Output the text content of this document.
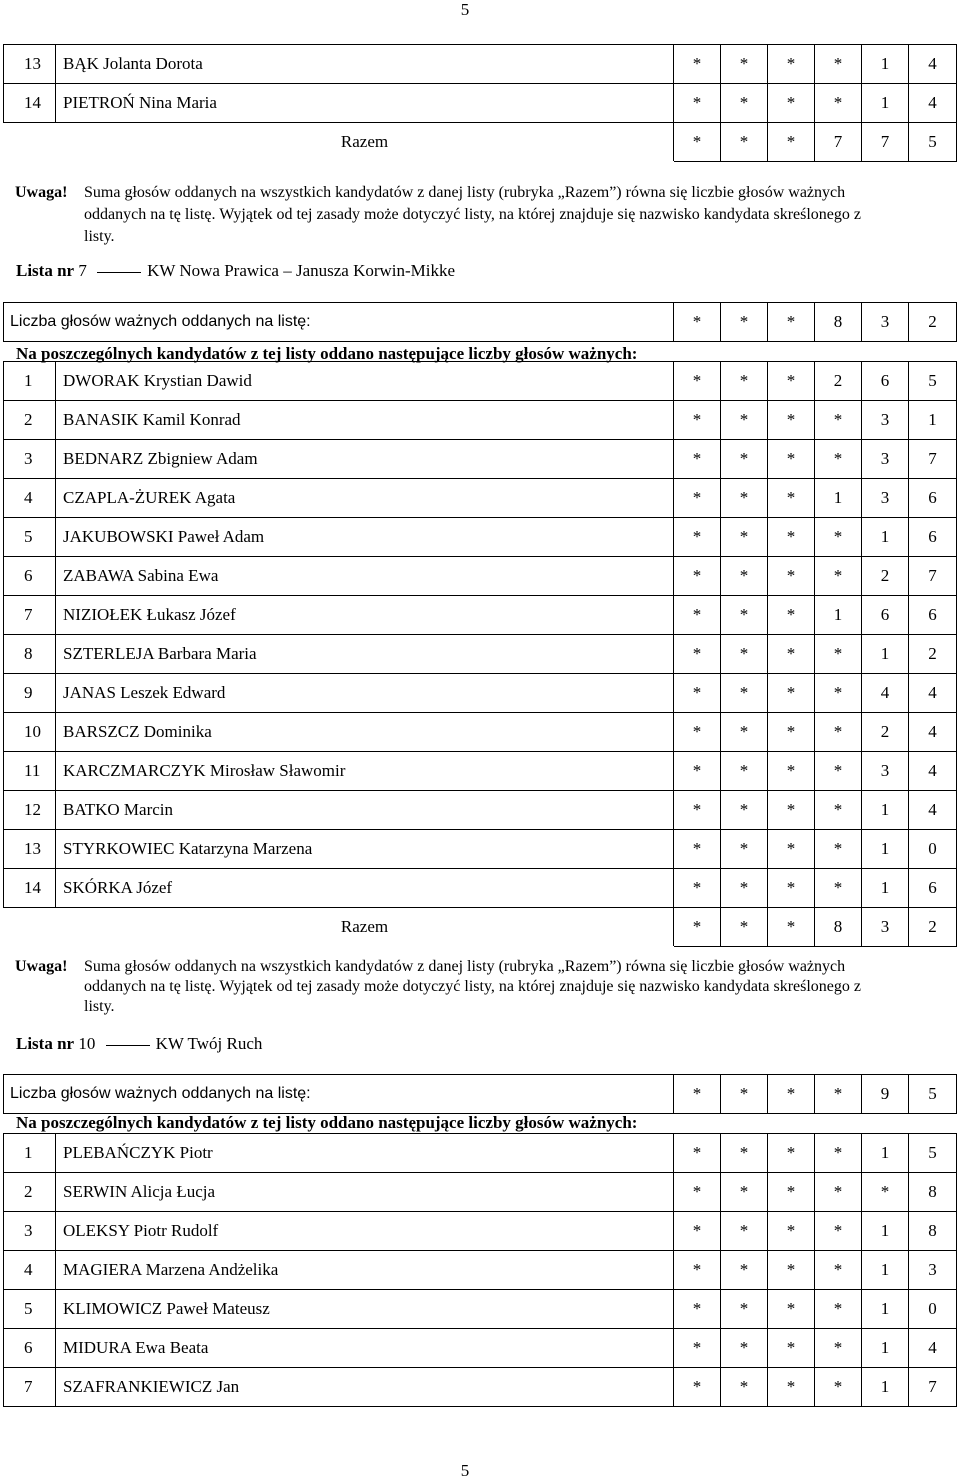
5
13	BĄK Jolanta Dorota	*	*	*	*	1	4
14	PIETROŃ Nina Maria	*	*	*	*	1	4
	Razem	*	*	*	7	7	5
Uwaga! Suma głosów oddanych na wszystkich kandydatów z danej listy (rubryka „Razem”) równa się liczbie głosów ważnych
oddanych na tę listę. Wyjątek od tej zasady może dotyczyć listy, na której znajduje się nazwisko kandydata skreślonego z
listy.
Lista nr 7	KW Nowa Prawica – Janusza Korwin-Mikke
Liczba głosów ważnych oddanych na listę:	*	*	*	8	3	2
Na poszczególnych kandydatów z tej listy oddano następujące liczby głosów ważnych:
1	DWORAK Krystian Dawid	*	*	*	2	6	5
2	BANASIK Kamil Konrad	*	*	*	*	3	1
3	BEDNARZ Zbigniew Adam	*	*	*	*	3	7
4	CZAPLA-ŻUREK Agata	*	*	*	1	3	6
5	JAKUBOWSKI Paweł Adam	*	*	*	*	1	6
6	ZABAWA Sabina Ewa	*	*	*	*	2	7
7	NIZIOŁEK Łukasz Józef	*	*	*	1	6	6
8	SZTERLEJA Barbara Maria	*	*	*	*	1	2
9	JANAS Leszek Edward	*	*	*	*	4	4
10	BARSZCZ Dominika	*	*	*	*	2	4
11	KARCZMARCZYK Mirosław Sławomir	*	*	*	*	3	4
12	BATKO Marcin	*	*	*	*	1	4
13	STYRKOWIEC Katarzyna Marzena	*	*	*	*	1	0
14	SKÓRKA Józef	*	*	*	*	1	6
	Razem	*	*	*	8	3	2
Uwaga! Suma głosów oddanych na wszystkich kandydatów z danej listy (rubryka „Razem”) równa się liczbie głosów ważnych
oddanych na tę listę. Wyjątek od tej zasady może dotyczyć listy, na której znajduje się nazwisko kandydata skreślonego z
listy.
Lista nr 10	KW Twój Ruch
Liczba głosów ważnych oddanych na listę:	*	*	*	*	9	5
Na poszczególnych kandydatów z tej listy oddano następujące liczby głosów ważnych:
1	PLEBAŃCZYK Piotr	*	*	*	*	1	5
2	SERWIN Alicja Łucja	*	*	*	*	*	8
3	OLEKSY Piotr Rudolf	*	*	*	*	1	8
4	MAGIERA Marzena Andżelika	*	*	*	*	1	3
5	KLIMOWICZ Paweł Mateusz	*	*	*	*	1	0
6	MIDURA Ewa Beata	*	*	*	*	1	4
7	SZAFRANKIEWICZ Jan	*	*	*	*	1	7
5
